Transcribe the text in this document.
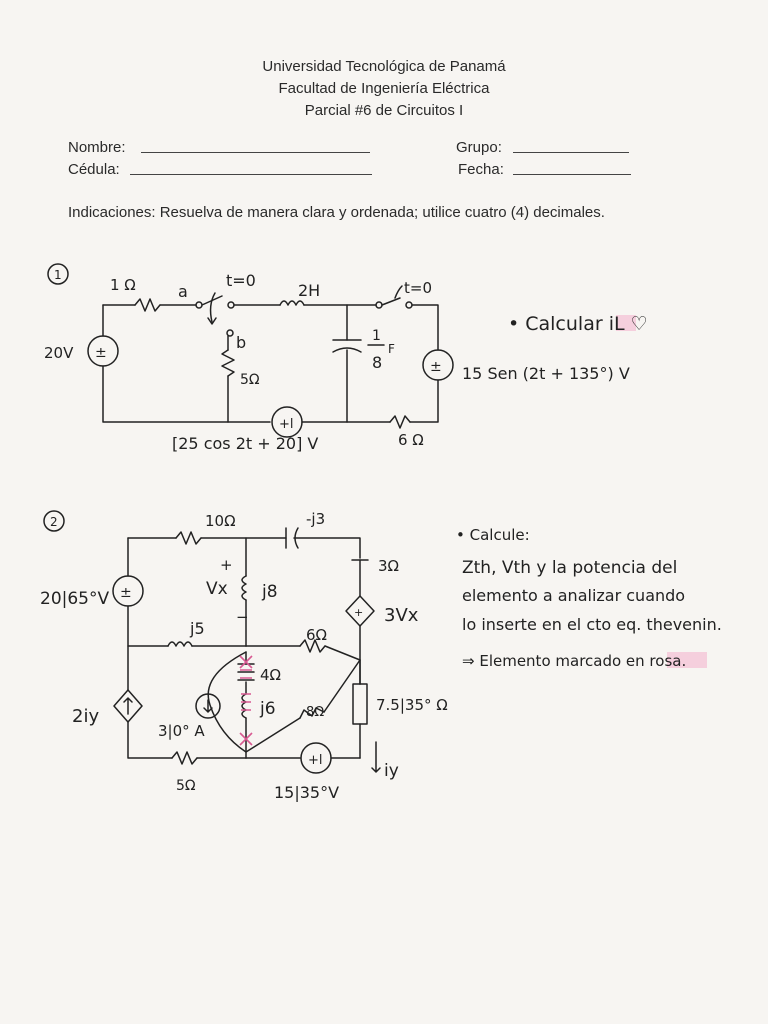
Universidad Tecnológica de Panamá
Facultad de Ingeniería Eléctrica
Parcial #6 de Circuitos I
Nombre:
Cédula:
Grupo:
Fecha:
Indicaciones: Resuelva de manera clara y ordenada; utilice cuatro (4) decimales.
1
±
+l
±
1 Ω	a
t=0
2H	t=0
20V
b
5Ω
1
8
F
[25 cos 2t + 20] V
15 Sen (2t + 135°) V
6 Ω
• Calcular iL ♡
2
+
±
+l
10Ω	-j3
3Ω
+
Vx
−
j8
20|65°V
3Vx
j5	6Ω
4Ω
j6 8Ω	7.5|35° Ω
2iy
3|0° A
5Ω	15|35°V
iy
• Calcule:
Zth, Vth y la potencia del
elemento a analizar cuando
lo inserte en el cto eq. thevenin.
⇒ Elemento marcado en rosa.
